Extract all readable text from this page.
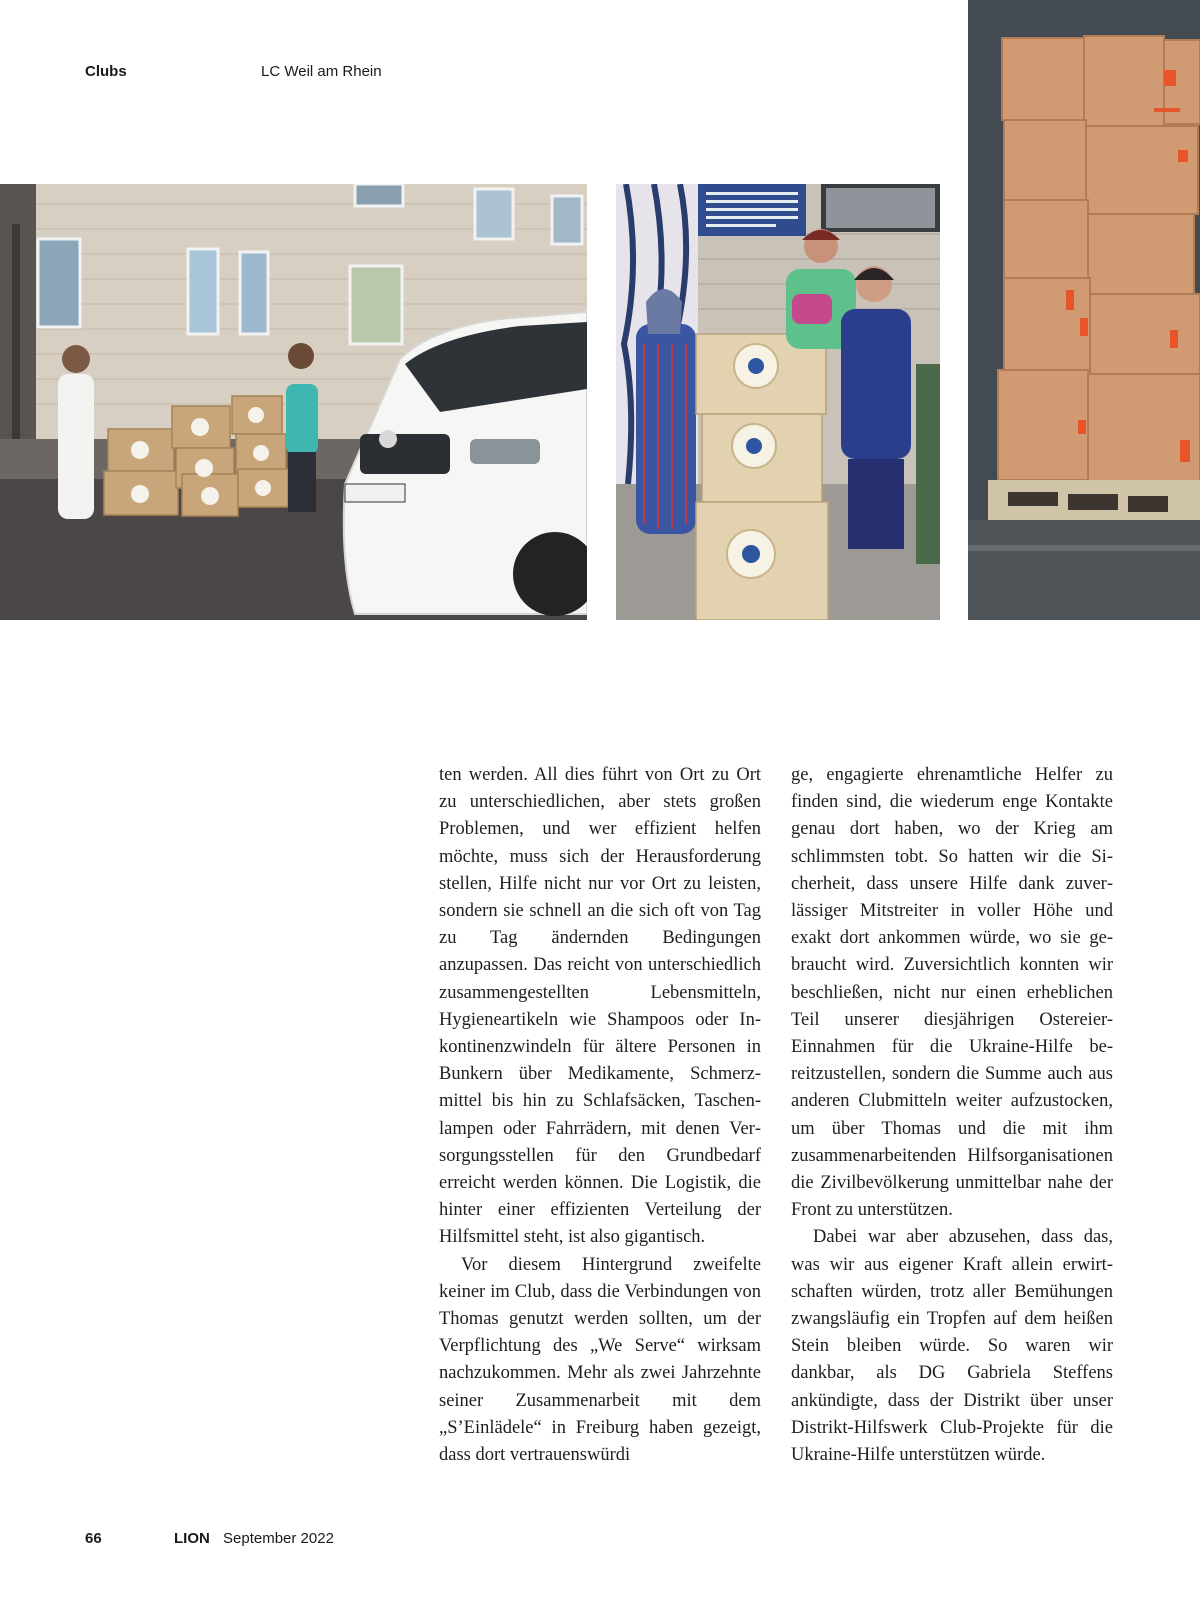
Clubs	LC Weil am Rhein

ten werden. All dies führt von Ort zu Ort zu unterschiedlichen, aber stets großen Problemen, und wer effizient helfen möchte, muss sich der Herausforderung stellen, Hilfe nicht nur vor Ort zu leisten, sondern sie schnell an die sich oft von Tag zu Tag ändernden Bedingungen anzupassen. Das reicht von unterschiedlich zusammengestellten Lebensmitteln, Hygieneartikeln wie Shampoos oder Inkontinenzwindeln für ältere Personen in Bunkern über Medikamente, Schmerzmittel bis hin zu Schlafsäcken, Taschenlampen oder Fahrrädern, mit denen Versorgungsstellen für den Grundbedarf erreicht werden können. Die Logistik, die hinter einer effizienten Verteilung der Hilfsmittel steht, ist also gigantisch.

Vor diesem Hintergrund zweifelte keiner im Club, dass die Verbindungen von Thomas genutzt werden sollten, um der Verpflichtung des „We Serve“ wirksam nachzukommen. Mehr als zwei Jahrzehnte seiner Zusammenarbeit mit dem „S’Einlädele“ in Freiburg haben gezeigt, dass dort vertrauenswürdi

ge, engagierte ehrenamtliche Helfer zu finden sind, die wiederum enge Kontakte genau dort haben, wo der Krieg am schlimmsten tobt. So hatten wir die Sicherheit, dass unsere Hilfe dank zuverlässiger Mitstreiter in voller Höhe und exakt dort ankommen würde, wo sie gebraucht wird. Zuversichtlich konnten wir beschließen, nicht nur einen erheblichen Teil unserer diesjährigen Ostereier-Einnahmen für die Ukraine-Hilfe bereitzustellen, sondern die Summe auch aus anderen Clubmitteln weiter aufzustocken, um über Thomas und die mit ihm zusammenarbeitenden Hilfsorganisationen die Zivilbevölkerung unmittelbar nahe der Front zu unterstützen.

Dabei war aber abzusehen, dass das, was wir aus eigener Kraft allein erwirtschaften würden, trotz aller Bemühungen zwangsläufig ein Tropfen auf dem heißen Stein bleiben würde. So waren wir dankbar, als DG Gabriela Steffens ankündigte, dass der Distrikt über unser Distrikt-Hilfswerk Club-Projekte für die Ukraine-Hilfe unterstützen würde.

66	LION September 2022
